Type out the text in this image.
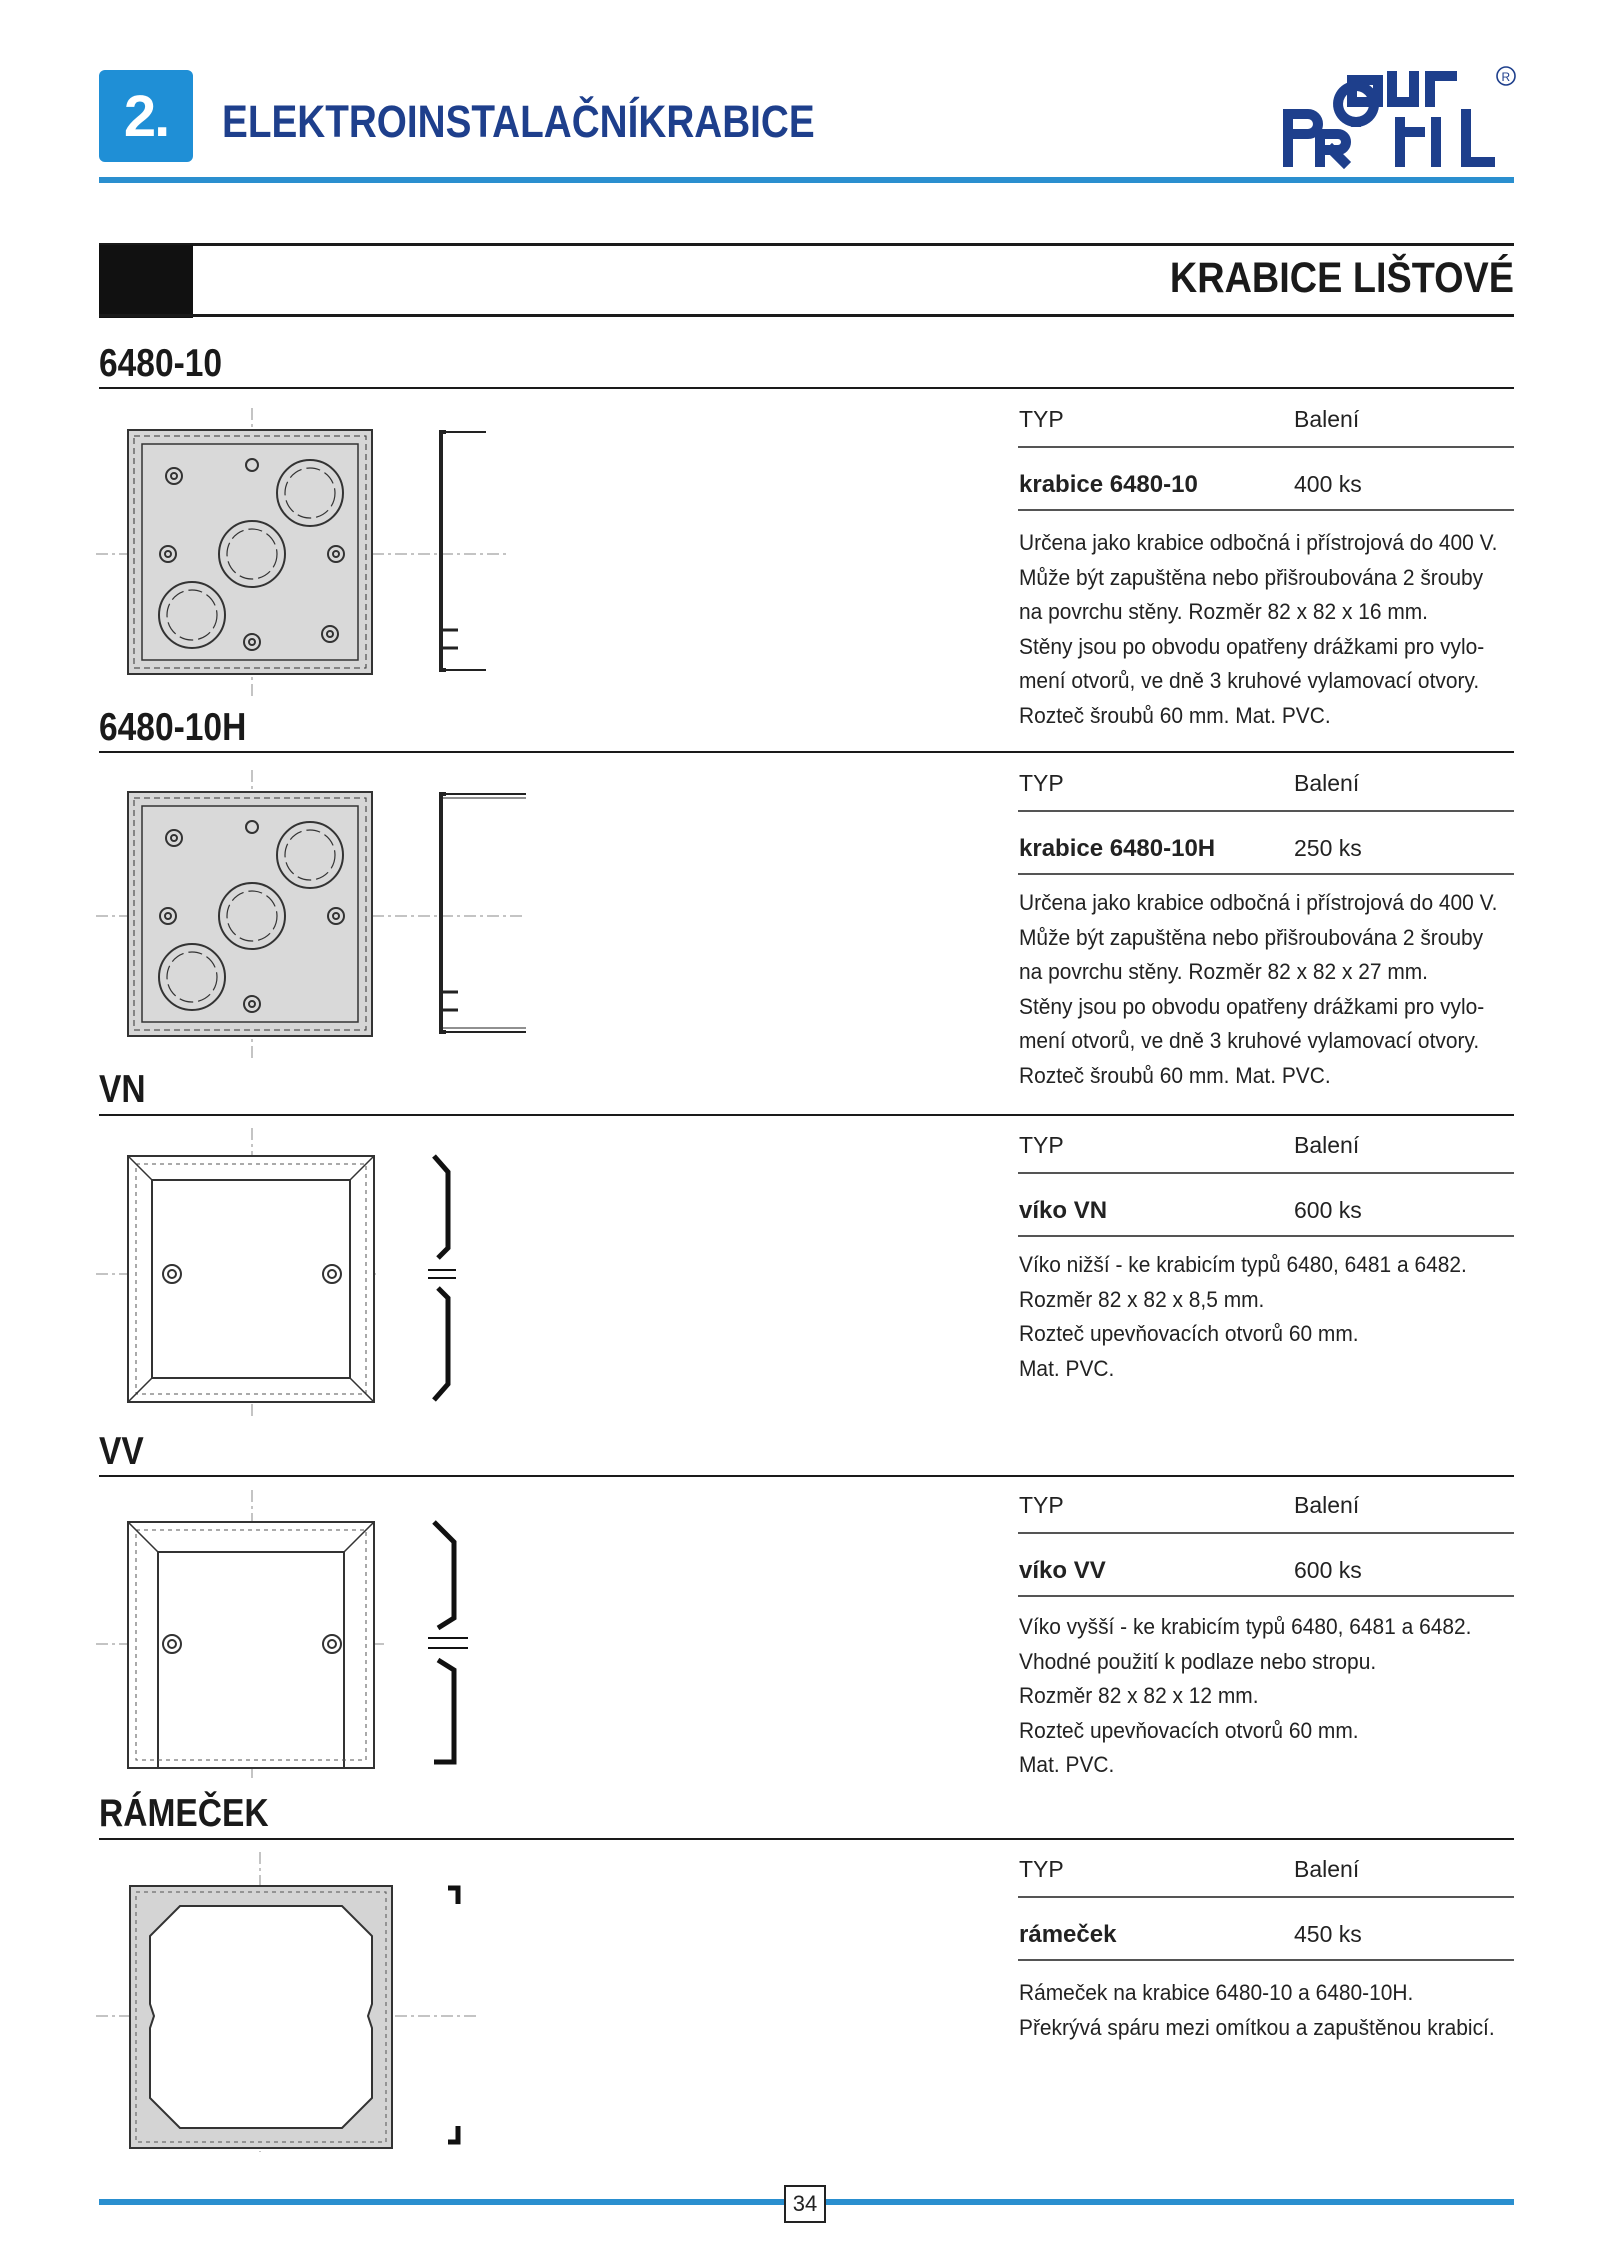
2.	ELEKTROINSTALAČNÍKRABICE
R
KRABICE LIŠTOVÉ
6480-10
TYP	Balení
krabice 6480-10	400 ks
Určena jako krabice odbočná i přístrojová do 400 V.
Může být zapuštěna nebo přišroubována 2 šrouby
na povrchu stěny. Rozměr 82 x 82 x 16 mm.
Stěny jsou po obvodu opatřeny drážkami pro vylo-
mení otvorů, ve dně 3 kruhové vylamovací otvory.
Rozteč šroubů 60 mm. Mat. PVC.
6480-10H
TYP	Balení
krabice 6480-10H	250 ks
Určena jako krabice odbočná i přístrojová do 400 V.
Může být zapuštěna nebo přišroubována 2 šrouby
na povrchu stěny. Rozměr 82 x 82 x 27 mm.
Stěny jsou po obvodu opatřeny drážkami pro vylo-
mení otvorů, ve dně 3 kruhové vylamovací otvory.
Rozteč šroubů 60 mm. Mat. PVC.
VN
TYP	Balení
víko VN	600 ks
Víko nižší - ke krabicím typů 6480, 6481 a 6482.
Rozměr 82 x 82 x 8,5 mm.
Rozteč upevňovacích otvorů 60 mm.
Mat. PVC.
VV
TYP	Balení
víko VV	600 ks
Víko vyšší - ke krabicím typů 6480, 6481 a 6482.
Vhodné použití k podlaze nebo stropu.
Rozměr 82 x 82 x 12 mm.
Rozteč upevňovacích otvorů 60 mm.
Mat. PVC.
RÁMEČEK
TYP	Balení
rámeček	450 ks
Rámeček na krabice 6480-10 a 6480-10H.
Překrývá spáru mezi omítkou a zapuštěnou krabicí.
34
